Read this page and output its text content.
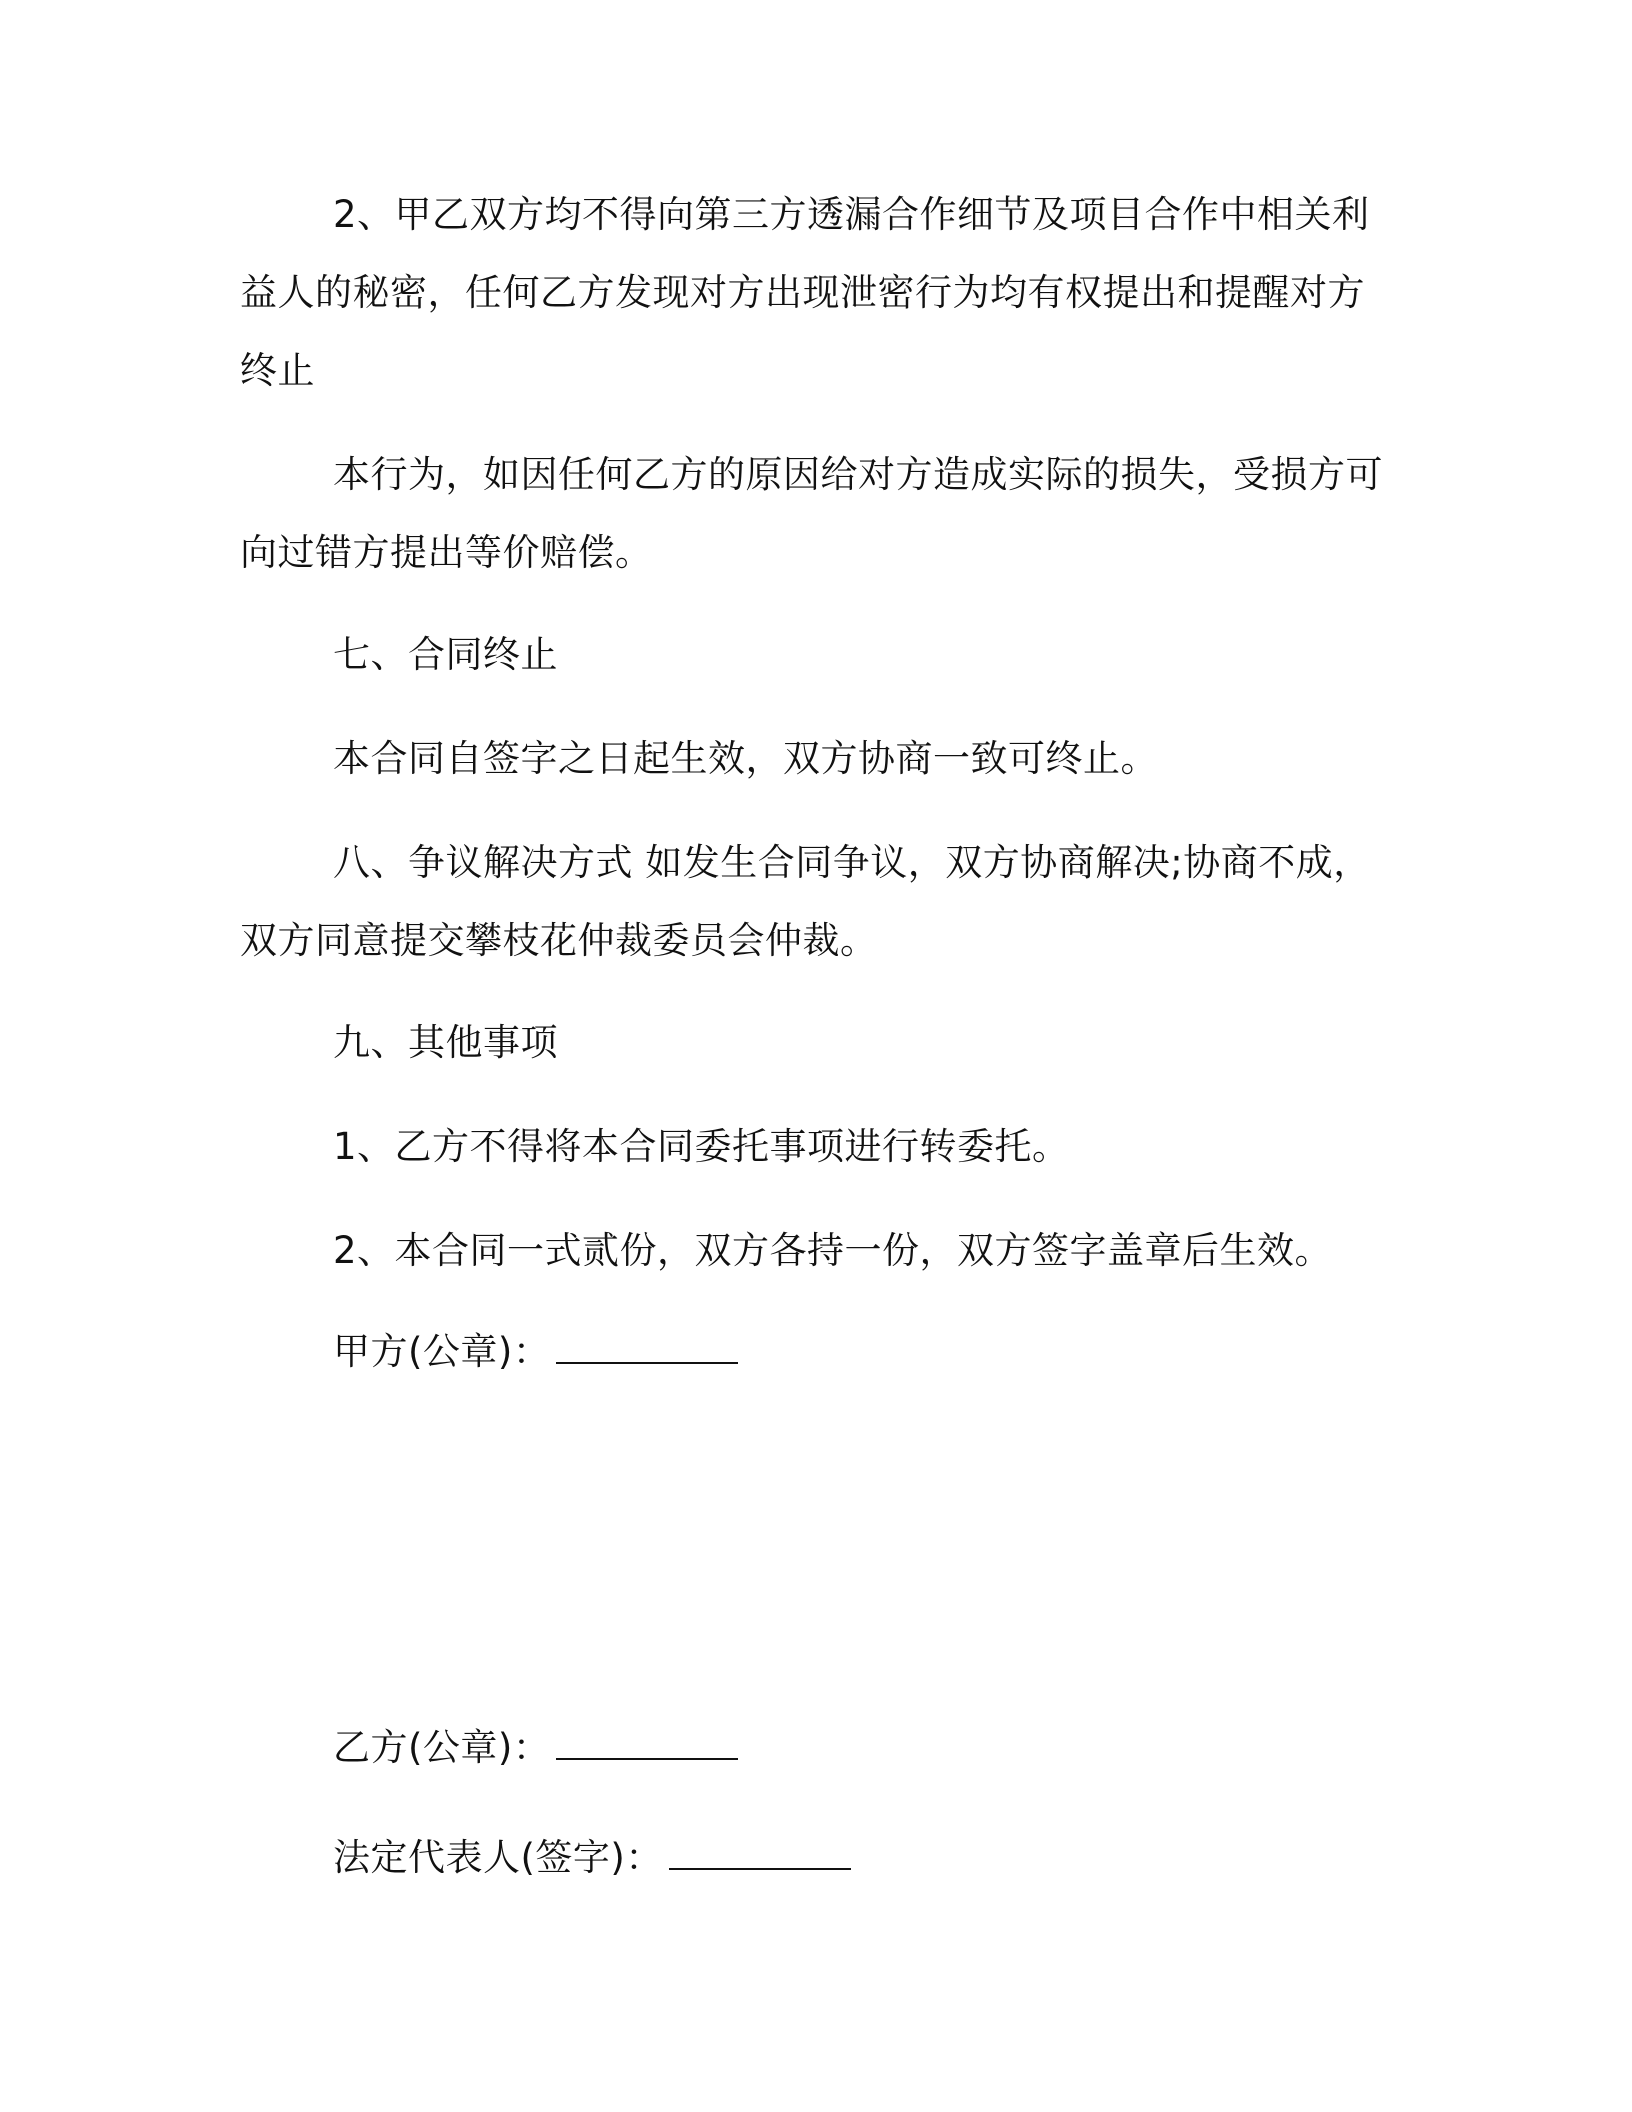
2、甲乙双方均不得向第三方透漏合作细节及项目合作中相关利
益人的秘密，任何乙方发现对方出现泄密行为均有权提出和提醒对方
终止
本行为，如因任何乙方的原因给对方造成实际的损失，受损方可
向过错方提出等价赔偿。
七、合同终止
本合同自签字之日起生效，双方协商一致可终止。
八、争议解决方式 如发生合同争议，双方协商解决;协商不成，
双方同意提交攀枝花仲裁委员会仲裁。
九、其他事项
1、乙方不得将本合同委托事项进行转委托。
2、本合同一式贰份，双方各持一份，双方签字盖章后生效。
甲方(公章)：
乙方(公章)：
法定代表人(签字)：
